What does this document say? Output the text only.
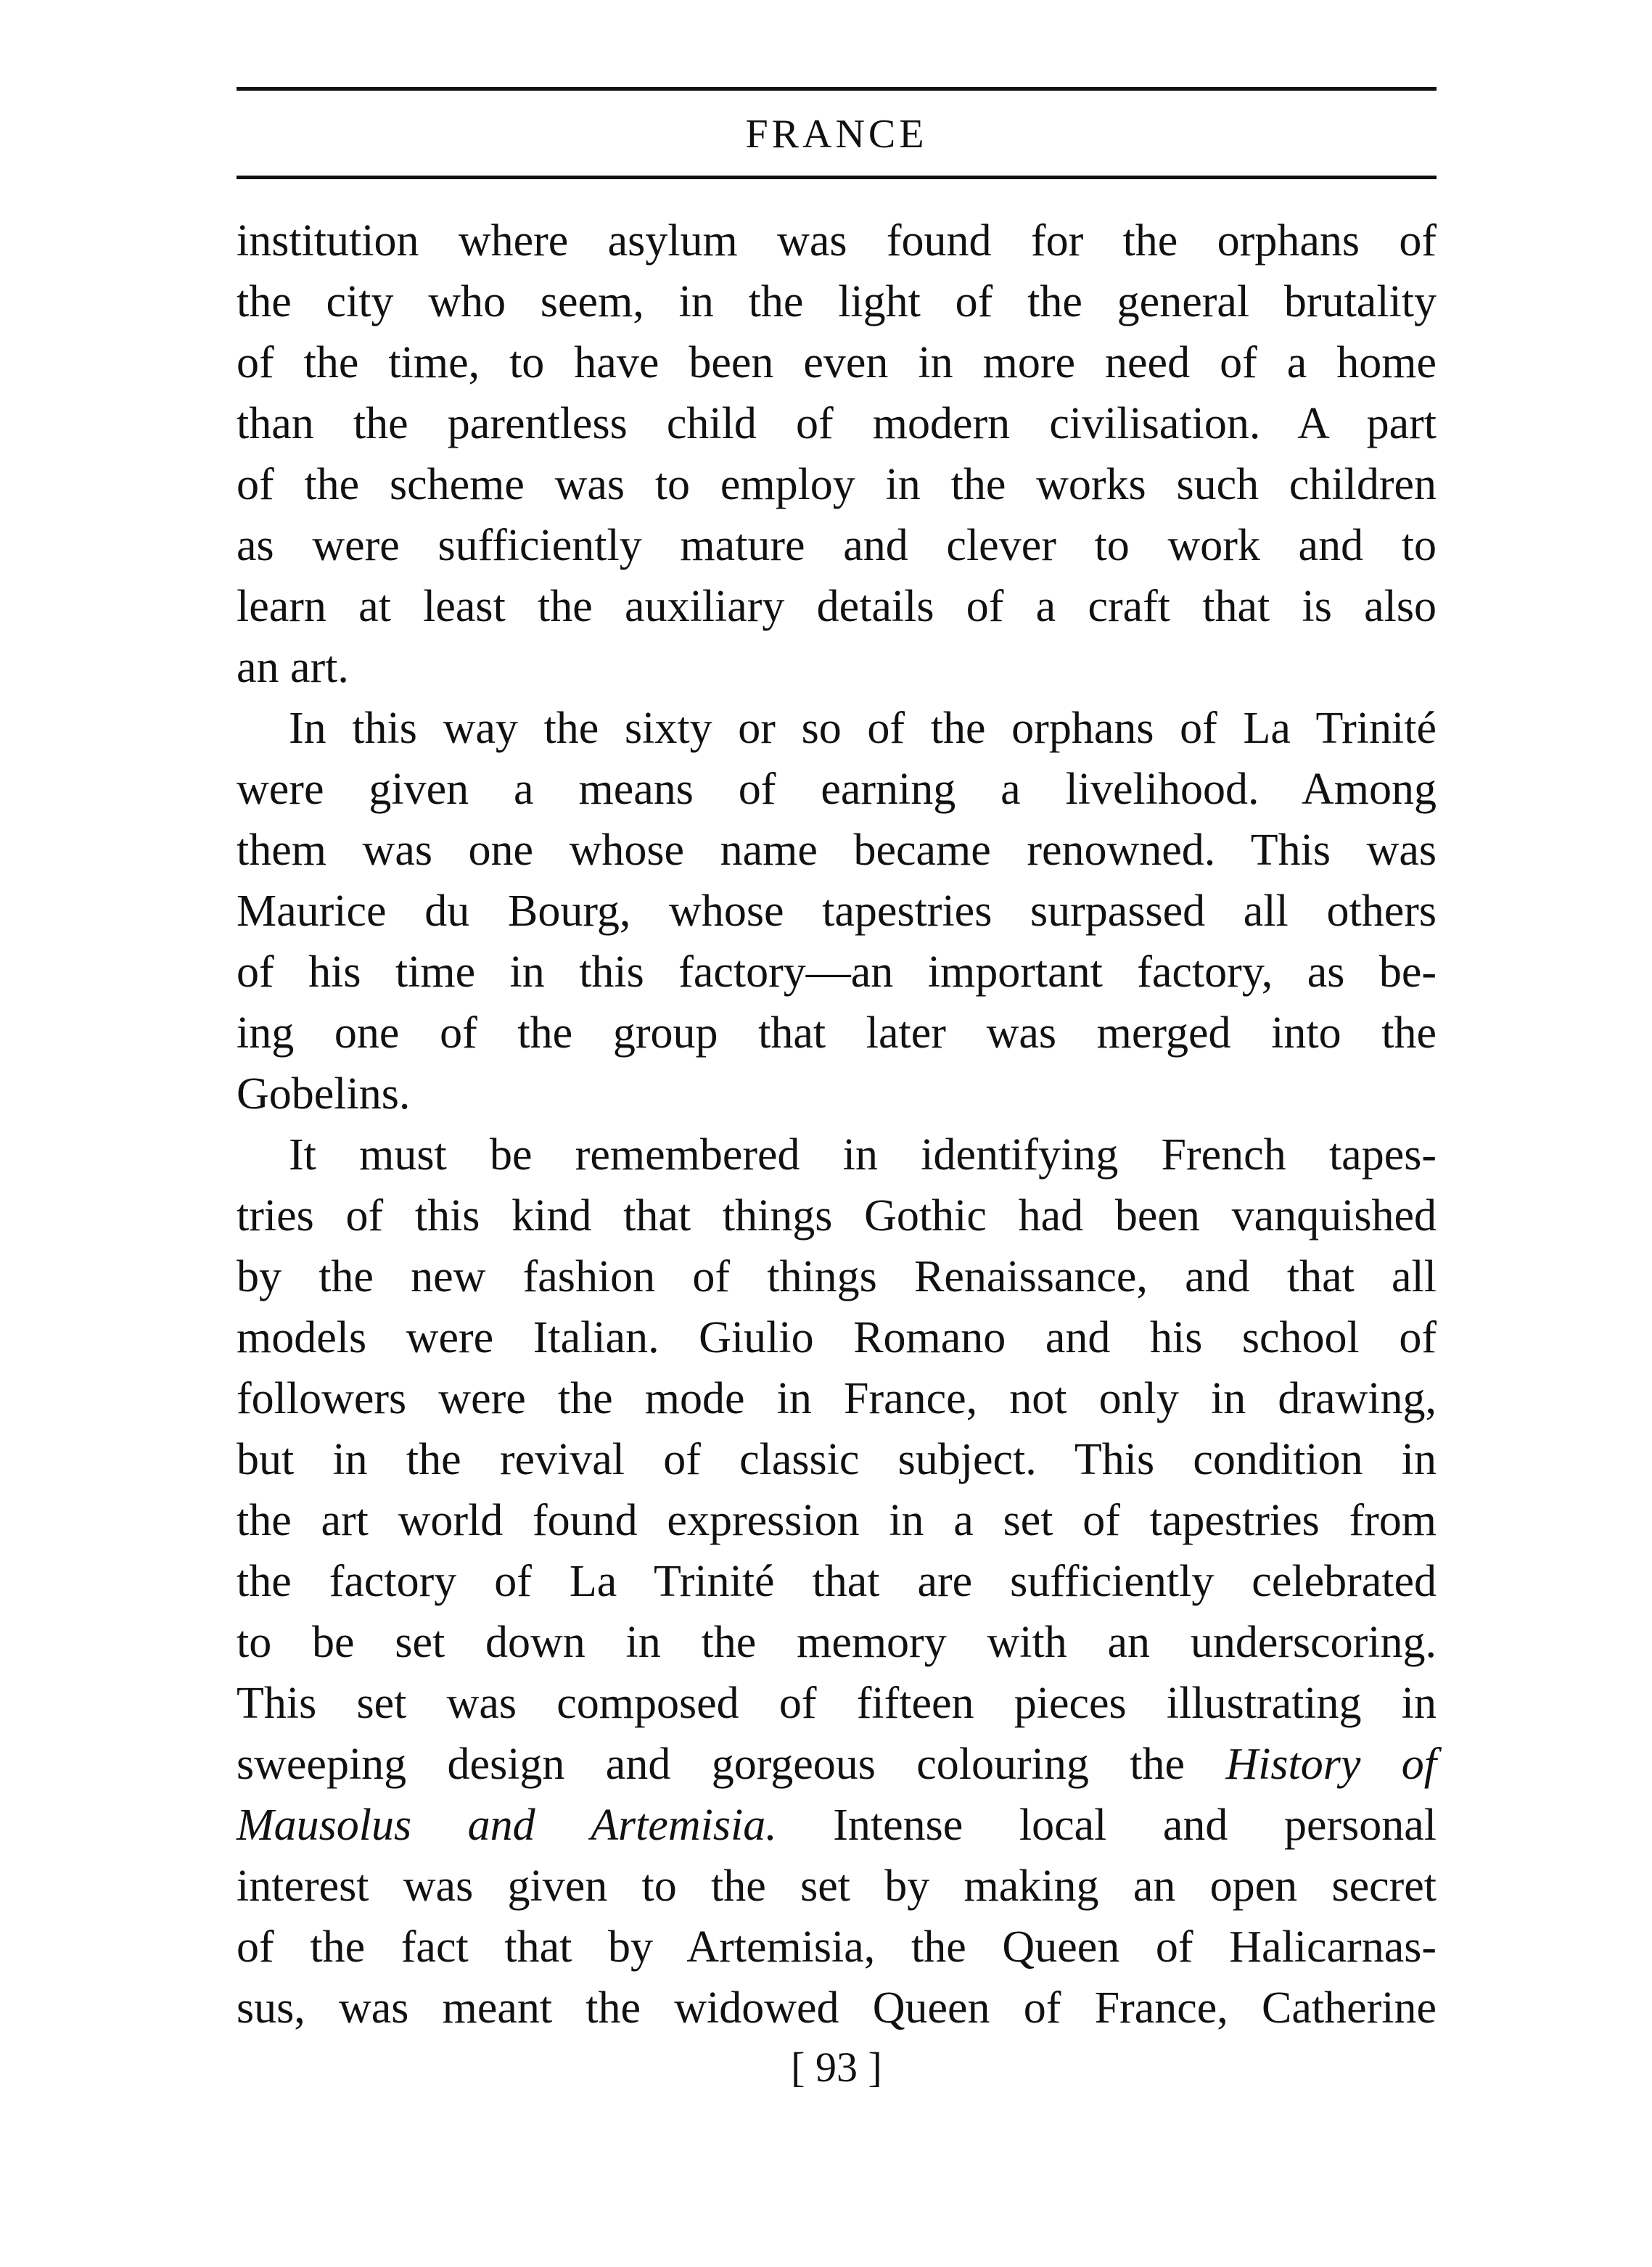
FRANCE
institution where asylum was found for the orphans of
the city who seem, in the light of the general brutality
of the time, to have been even in more need of a home
than the parentless child of modern civilisation. A part
of the scheme was to employ in the works such children
as were sufficiently mature and clever to work and to
learn at least the auxiliary details of a craft that is also
an art.
In this way the sixty or so of the orphans of La Trinité
were given a means of earning a livelihood. Among
them was one whose name became renowned. This was
Maurice du Bourg, whose tapestries surpassed all others
of his time in this factory—an important factory, as be-
ing one of the group that later was merged into the
Gobelins.
It must be remembered in identifying French tapes-
tries of this kind that things Gothic had been vanquished
by the new fashion of things Renaissance, and that all
models were Italian. Giulio Romano and his school of
followers were the mode in France, not only in drawing,
but in the revival of classic subject. This condition in
the art world found expression in a set of tapestries from
the factory of La Trinité that are sufficiently celebrated
to be set down in the memory with an underscoring.
This set was composed of fifteen pieces illustrating in
sweeping design and gorgeous colouring the History of
Mausolus and Artemisia. Intense local and personal
interest was given to the set by making an open secret
of the fact that by Artemisia, the Queen of Halicarnas-
sus, was meant the widowed Queen of France, Catherine
[ 93 ]
